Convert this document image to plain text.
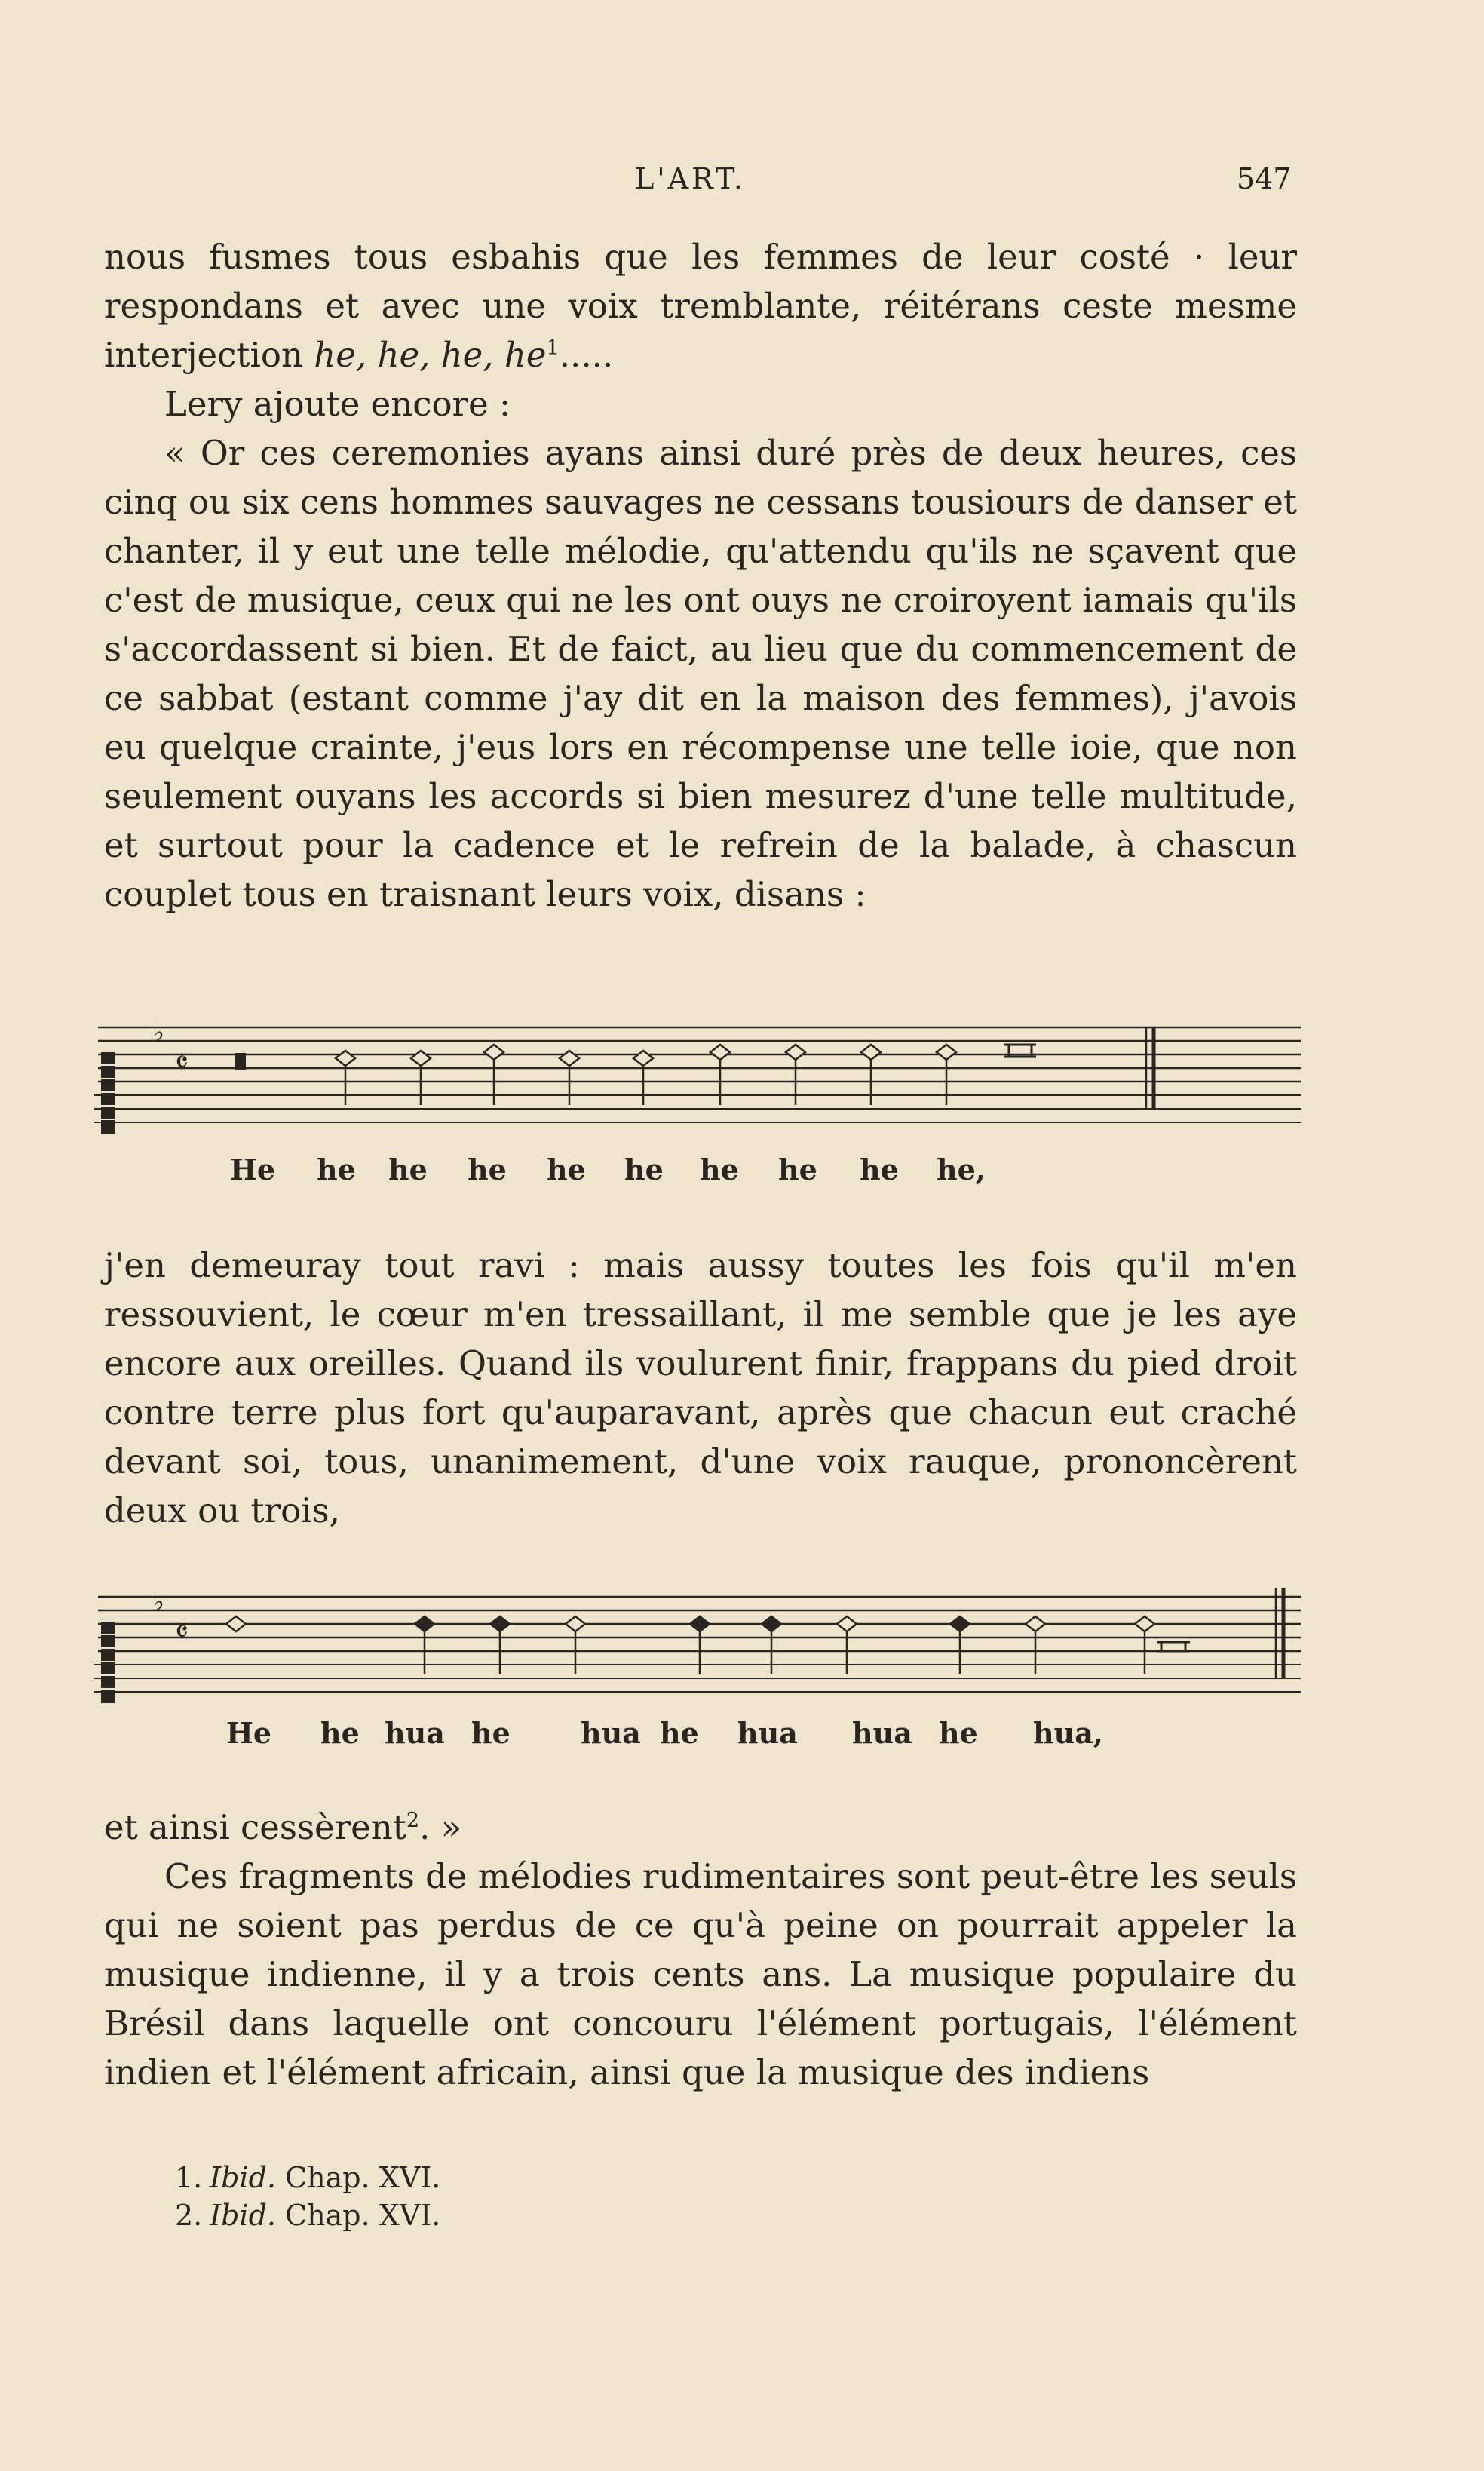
L'ART.	547

nous fusmes tous esbahis que les femmes de leur costé · leur respondans et avec une voix tremblante, réitérans ceste mesme interjection he, he, he, $he^1$.....

Lery ajoute encore :

« Or ces ceremonies ayans ainsi duré près de deux heures, ces cinq ou six cens hommes sauvages ne cessans tousiours de danser et chanter, il y eut une telle mélodie, qu'attendu qu'ils ne sçavent que c'est de musique, ceux qui ne les ont ouys ne croiroyent iamais qu'ils s'accordassent si bien. Et de faict, au lieu que du commencement de ce sabbat (estant comme j'ay dit en la maison des femmes), j'avois eu quelque crainte, j'eus lors en récompense une telle ioie, que non seulement ouyans les accords si bien mesurez d'une telle multitude, et surtout pour la cadence et le refrein de la balade, à chascun couplet tous en traisnant leurs voix, disans :

♭
𝄵
He he he he he he he he he he,

j'en demeuray tout ravi : mais aussy toutes les fois qu'il m'en ressouvient, le cœur m'en tressaillant, il me semble que je les aye encore aux oreilles. Quand ils voulurent finir, frappans du pied droit contre terre plus fort qu'auparavant, après que chacun eut craché devant soi, tous, unanimement, d'une voix rauque, prononcèrent deux ou trois,

♭
𝄵
He he hua he hua he hua hua he hua,

et ainsi cessèrent$^2$. »

Ces fragments de mélodies rudimentaires sont peut-être les seuls qui ne soient pas perdus de ce qu'à peine on pourrait appeler la musique indienne, il y a trois cents ans. La musique populaire du Brésil dans laquelle ont concouru l'élément portugais, l'élément indien et l'élément africain, ainsi que la musique des indiens

1. Ibid. Chap. XVI.
2. Ibid. Chap. XVI.
